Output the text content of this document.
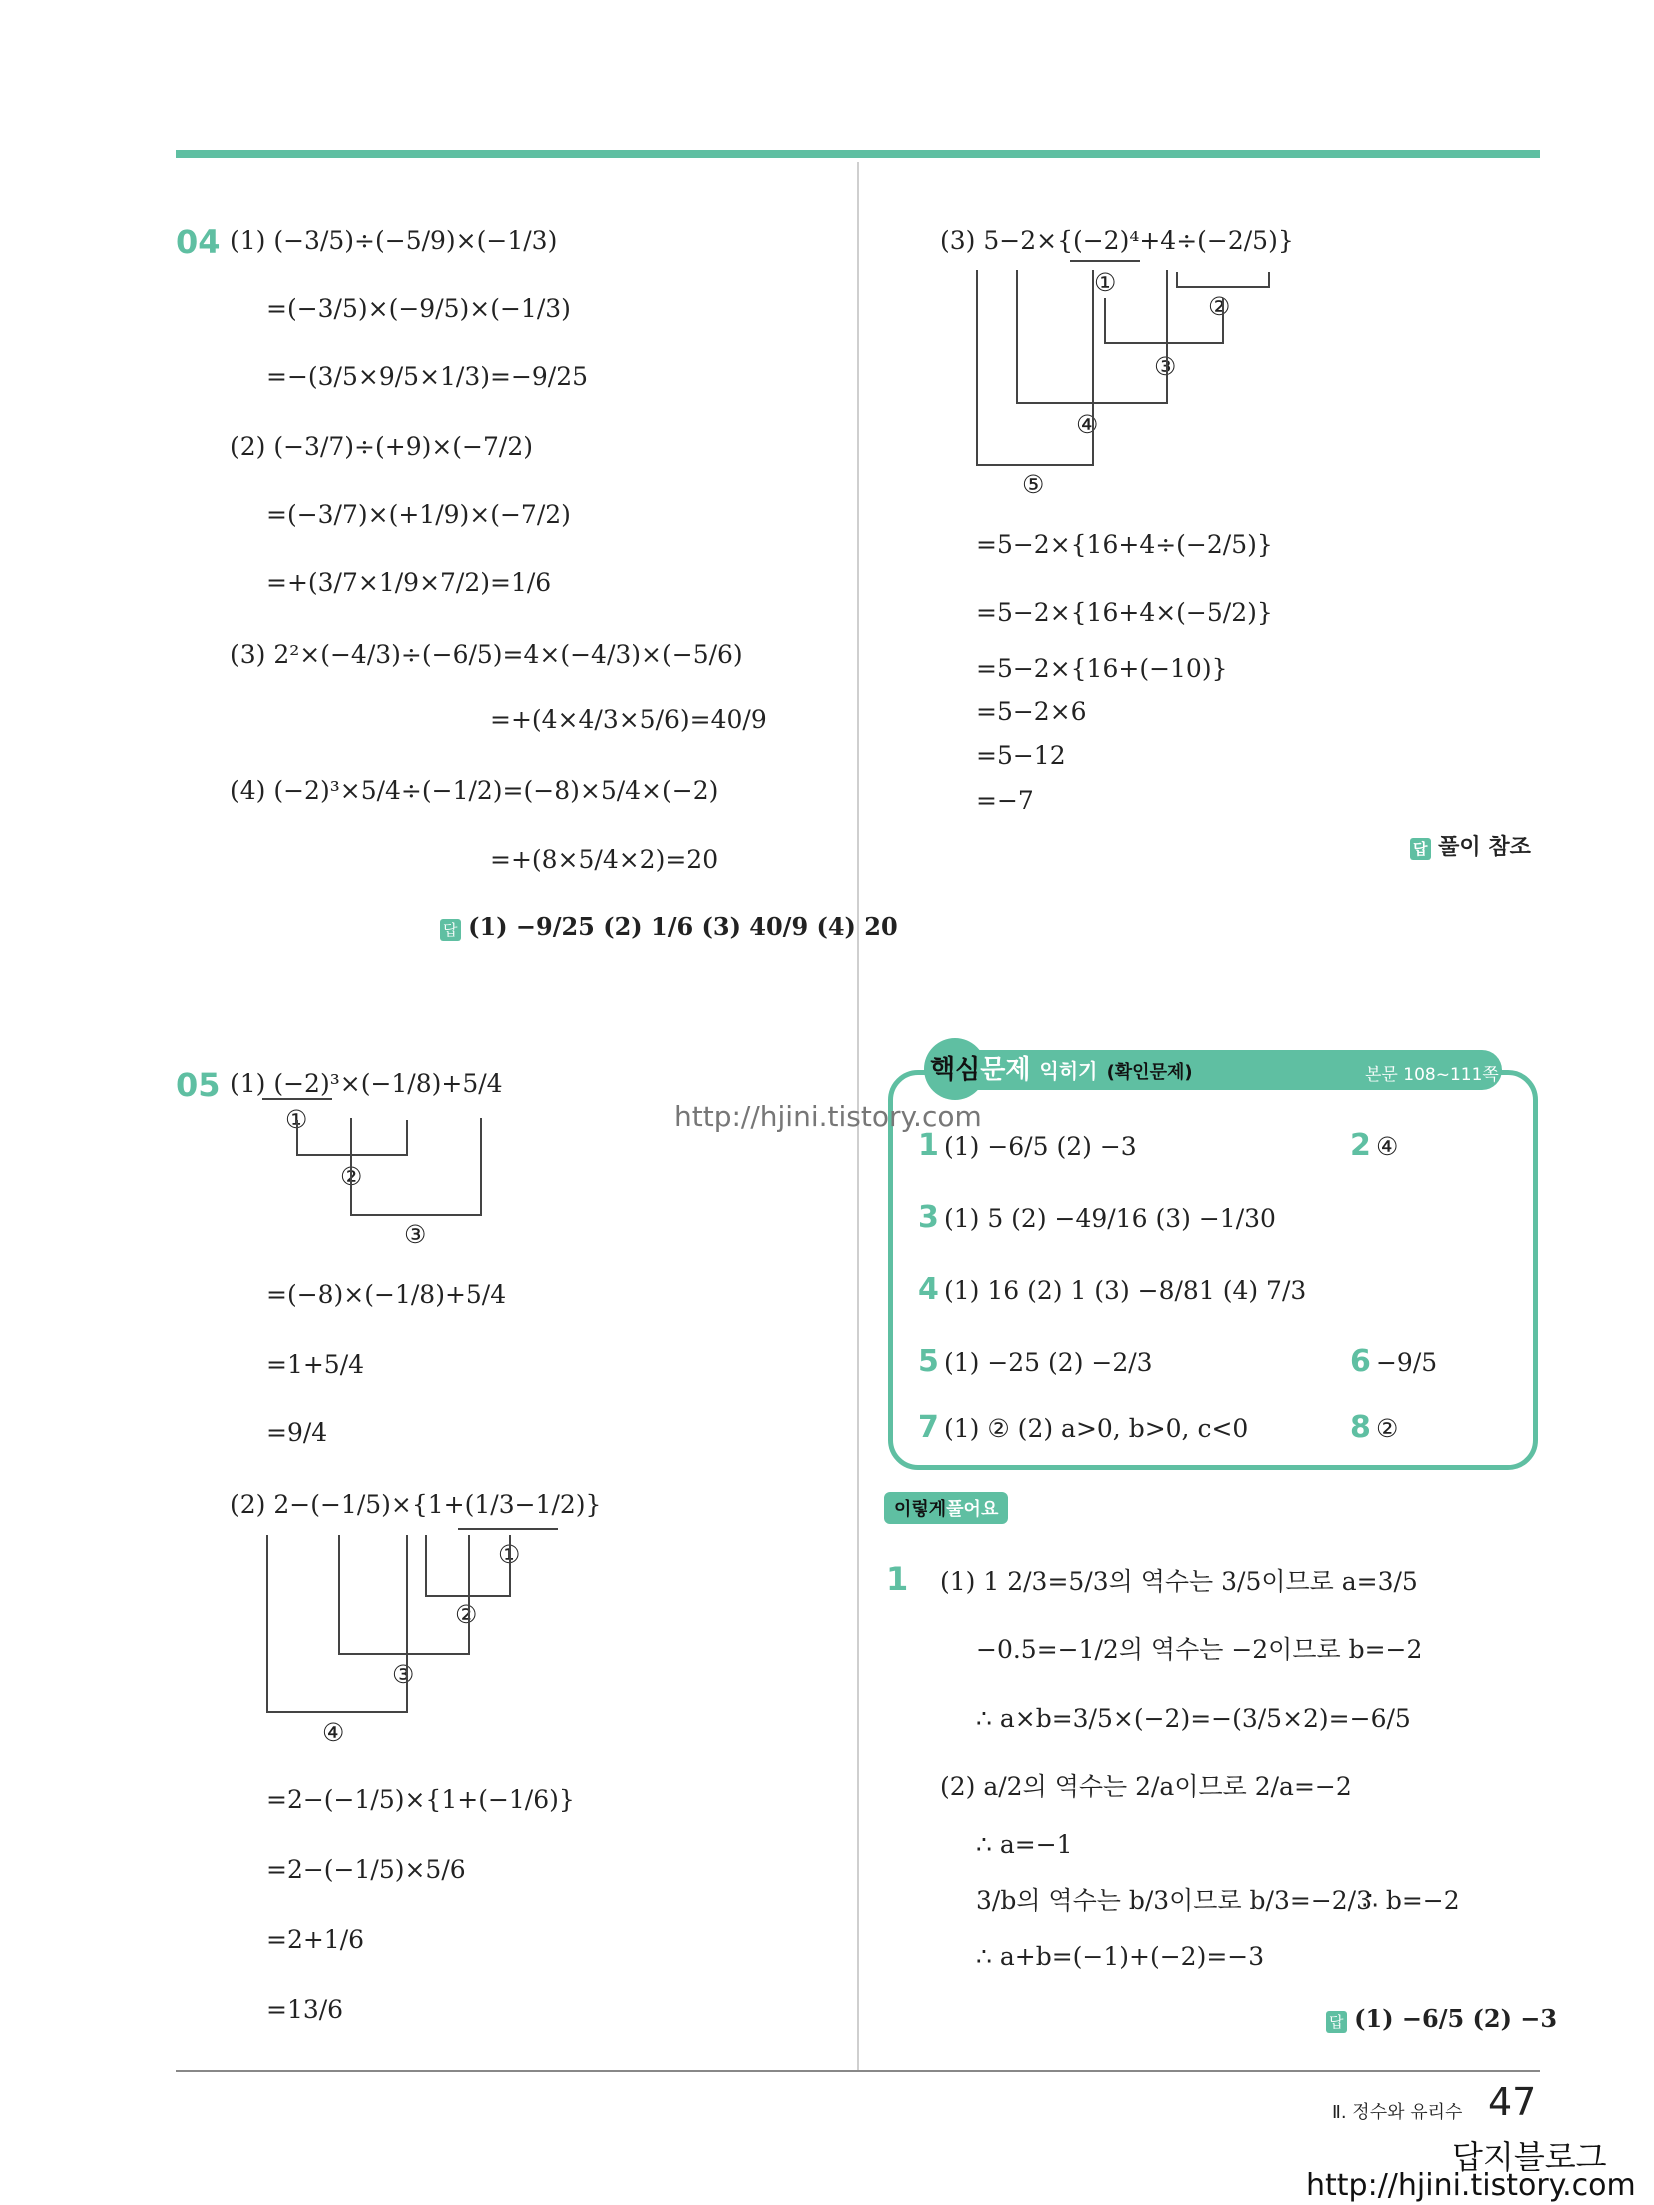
04 (1) (−3/5)÷(−5/9)×(−1/3)
=(−3/5)×(−9/5)×(−1/3)
=−(3/5×9/5×1/3)=−9/25
(2) (−3/7)÷(+9)×(−7/2)
=(−3/7)×(+1/9)×(−7/2)
=+(3/7×1/9×7/2)=1/6
(3) 2²×(−4/3)÷(−6/5)=4×(−4/3)×(−5/6)
=+(4×4/3×5/6)=40/9
(4) (−2)³×5/4÷(−1/2)=(−8)×5/4×(−2)
=+(8×5/4×2)=20
답 (1) −9/25 (2) 1/6 (3) 40/9 (4) 20
05 (1) (−2)³×(−1/8)+5/4
①
②
③
=(−8)×(−1/8)+5/4
=1+5/4
=9/4
(2) 2−(−1/5)×{1+(1/3−1/2)}
①
②
③
④
=2−(−1/5)×{1+(−1/6)}
=2−(−1/5)×5/6
=2+1/6
=13/6
(3) 5−2×{(−2)⁴+4÷(−2/5)}
①
②
③
④
⑤
=5−2×{16+4÷(−2/5)}
=5−2×{16+4×(−5/2)}
=5−2×{16+(−10)}
=5−2×6
=5−12
=−7
답 풀이 참조
핵심문제 익히기 (확인문제)	본문 108~111쪽
1 (1) −6/5 (2) −3	2 ④
3 (1) 5 (2) −49/16 (3) −1/30
4 (1) 16 (2) 1 (3) −8/81 (4) 7/3
5 (1) −25 (2) −2/3	6 −9/5
7 (1) ② (2) a>0, b>0, c<0	8 ②
이렇게풀어요
1 (1) 1 2/3=5/3의 역수는 3/5이므로 a=3/5
−0.5=−1/2의 역수는 −2이므로 b=−2
∴ a×b=3/5×(−2)=−(3/5×2)=−6/5
(2) a/2의 역수는 2/a이므로 2/a=−2
∴ a=−1
3/b의 역수는 b/3이므로 b/3=−2/3
∴ b=−2
∴ a+b=(−1)+(−2)=−3
답 (1) −6/5 (2) −3
http://hjini.tistory.com
Ⅱ. 정수와 유리수 47
답지블로그
http://hjini.tistory.com
